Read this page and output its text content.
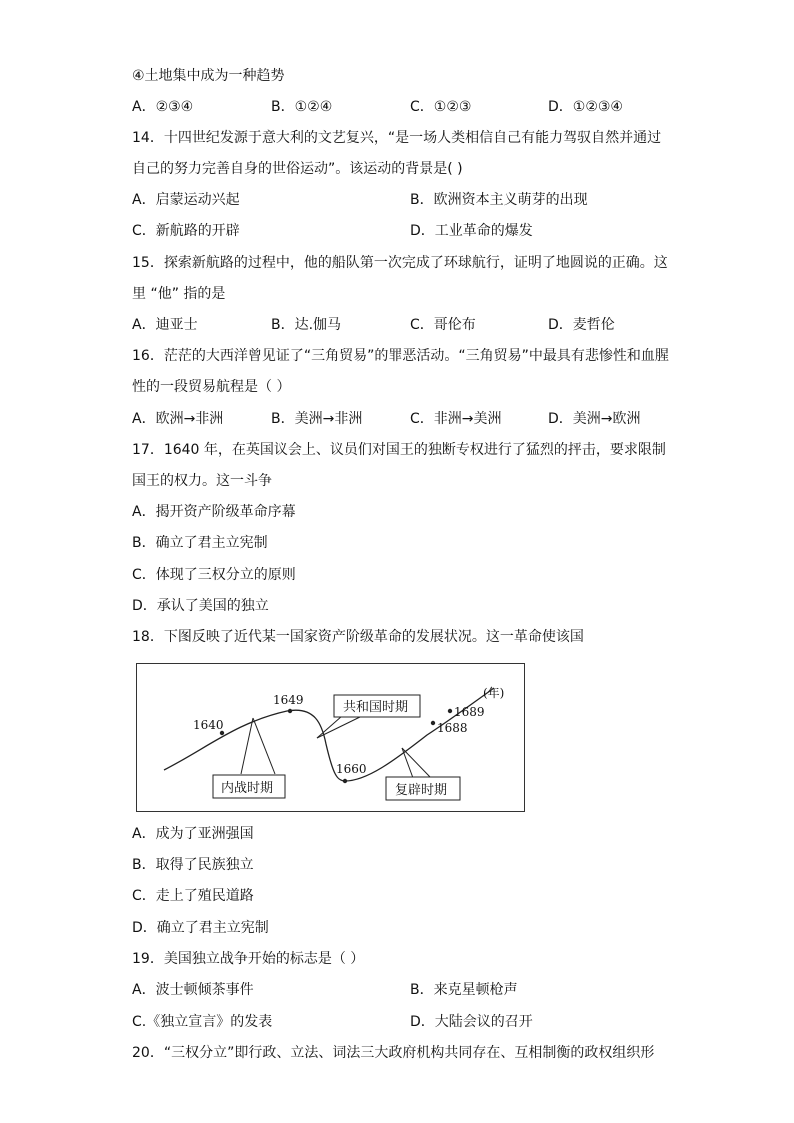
④土地集中成为一种趋势
A．②③④	B．①②④	C．①②③	D．①②③④
14．十四世纪发源于意大利的文艺复兴，“是一场人类相信自己有能力驾驭自然并通过
自己的努力完善自身的世俗运动”。该运动的背景是( )
A．启蒙运动兴起	B．欧洲资本主义萌芽的出现
C．新航路的开辟	D．工业革命的爆发
15．探索新航路的过程中，他的船队第一次完成了环球航行，证明了地圆说的正确。这
里 “他” 指的是
A．迪亚士	B．达.伽马	C．哥伦布	D．麦哲伦
16．茫茫的大西洋曾见证了“三角贸易”的罪恶活动。“三角贸易”中最具有悲惨性和血腥
性的一段贸易航程是（ ）
A．欧洲→非洲	B．美洲→非洲	C．非洲→美洲	D．美洲→欧洲
17．1640 年，在英国议会上、议员们对国王的独断专权进行了猛烈的抨击，要求限制
国王的权力。这一斗争
A．揭开资产阶级革命序幕
B．确立了君主立宪制
C．体现了三权分立的原则
D．承认了美国的独立
18．下图反映了近代某一国家资产阶级革命的发展状况。这一革命使该国
1640
1649
1660
1688
1689
(年)
内战时期
共和国时期
复辟时期
A．成为了亚洲强国
B．取得了民族独立
C．走上了殖民道路
D．确立了君主立宪制
19．美国独立战争开始的标志是（ ）
A．波士顿倾茶事件	B．来克星顿枪声
C.《独立宣言》的发表	D．大陆会议的召开
20．“三权分立”即行政、立法、词法三大政府机构共同存在、互相制衡的政权组织形
